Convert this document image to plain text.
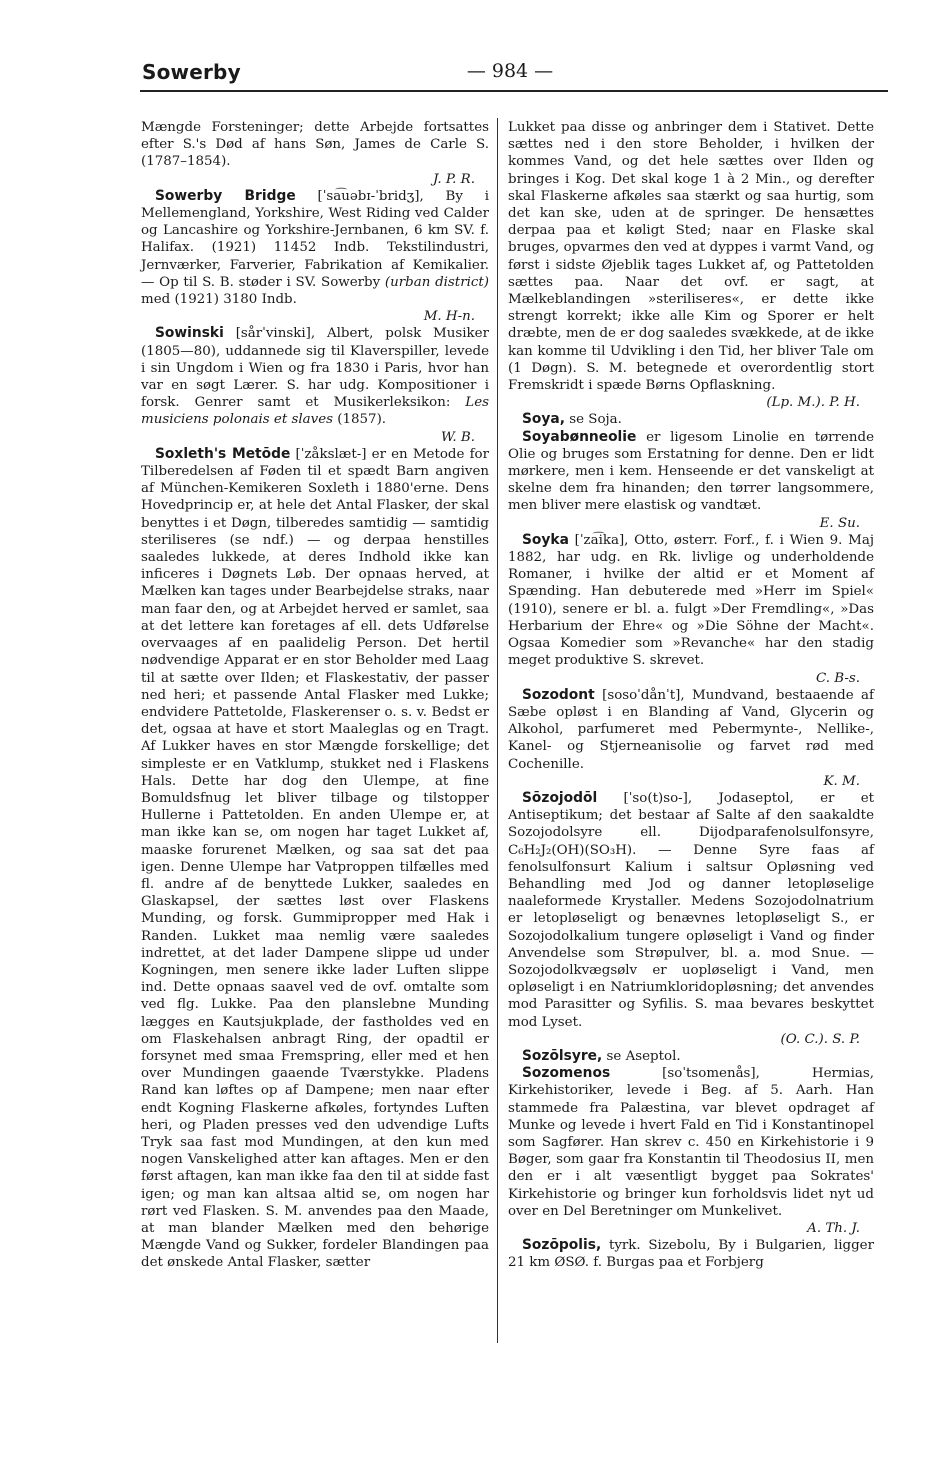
Sowerby	— 984 —

Mængde Forsteninger; dette Arbejde fortsattes efter S.'s Død af hans Søn, James de Carle S. (1787–1854).
J. P. R.

Sowerby Bridge [ˈsa͡uəbɪ-ˈbridʒ], By i Mellemengland, Yorkshire, West Riding ved Calder og Lancashire og Yorkshire-Jernbanen, 6 km SV. f. Halifax. (1921) 11452 Indb. Tekstilindustri, Jernværker, Farverier, Fabrikation af Kemikalier. — Op til S. B. støder i SV. Sowerby (urban district) med (1921) 3180 Indb.
M. H-n.

Sowinski [sårˈvinski], Albert, polsk Musiker (1805—80), uddannede sig til Klaverspiller, levede i sin Ungdom i Wien og fra 1830 i Paris, hvor han var en søgt Lærer. S. har udg. Kompositioner i forsk. Genrer samt et Musikerleksikon: Les musiciens polonais et slaves (1857).
W. B.

Soxleth's Metōde [ˈzåkslæt-] er en Metode for Tilberedelsen af Føden til et spædt Barn angiven af München-Kemikeren Soxleth i 1880'erne. Dens Hovedprincip er, at hele det Antal Flasker, der skal benyttes i et Døgn, tilberedes samtidig — samtidig steriliseres (se ndf.) — og derpaa henstilles saaledes lukkede, at deres Indhold ikke kan inficeres i Døgnets Løb. Der opnaas herved, at Mælken kan tages under Bearbejdelse straks, naar man faar den, og at Arbejdet herved er samlet, saa at det lettere kan foretages af ell. dets Udførelse overvaages af en paalidelig Person. Det hertil nødvendige Apparat er en stor Beholder med Laag til at sætte over Ilden; et Flaskestativ, der passer ned heri; et passende Antal Flasker med Lukke; endvidere Pattetolde, Flaskerenser o. s. v. Bedst er det, ogsaa at have et stort Maaleglas og en Tragt. Af Lukker haves en stor Mængde forskellige; det simpleste er en Vatklump, stukket ned i Flaskens Hals. Dette har dog den Ulempe, at fine Bomuldsfnug let bliver tilbage og tilstopper Hullerne i Pattetolden. En anden Ulempe er, at man ikke kan se, om nogen har taget Lukket af, maaske forurenet Mælken, og saa sat det paa igen. Denne Ulempe har Vatproppen tilfælles med fl. andre af de benyttede Lukker, saaledes en Glaskapsel, der sættes løst over Flaskens Munding, og forsk. Gummipropper med Hak i Randen. Lukket maa nemlig være saaledes indrettet, at det lader Dampene slippe ud under Kogningen, men senere ikke lader Luften slippe ind. Dette opnaas saavel ved de ovf. omtalte som ved flg. Lukke. Paa den planslebne Munding lægges en Kautsjukplade, der fastholdes ved en om Flaskehalsen anbragt Ring, der opadtil er forsynet med smaa Fremspring, eller med et hen over Mundingen gaaende Tværstykke. Pladens Rand kan løftes op af Dampene; men naar efter endt Kogning Flaskerne afkøles, fortyndes Luften heri, og Pladen presses ved den udvendige Lufts Tryk saa fast mod Mundingen, at den kun med nogen Vanskelighed atter kan aftages. Men er den først aftagen, kan man ikke faa den til at sidde fast igen; og man kan altsaa altid se, om nogen har rørt ved Flasken. S. M. anvendes paa den Maade, at man blander Mælken med den behørige Mængde Vand og Sukker, fordeler Blandingen paa det ønskede Antal Flasker, sætter

Lukket paa disse og anbringer dem i Stativet. Dette sættes ned i den store Beholder, i hvilken der kommes Vand, og det hele sættes over Ilden og bringes i Kog. Det skal koge 1 à 2 Min., og derefter skal Flaskerne afkøles saa stærkt og saa hurtig, som det kan ske, uden at de springer. De hensættes derpaa paa et køligt Sted; naar en Flaske skal bruges, opvarmes den ved at dyppes i varmt Vand, og først i sidste Øjeblik tages Lukket af, og Pattetolden sættes paa. Naar det ovf. er sagt, at Mælkeblandingen »steriliseres«, er dette ikke strengt korrekt; ikke alle Kim og Sporer er helt dræbte, men de er dog saaledes svækkede, at de ikke kan komme til Udvikling i den Tid, her bliver Tale om (1 Døgn). S. M. betegnede et overordentlig stort Fremskridt i spæde Børns Opflaskning.
(Lp. M.). P. H.

Soya, se Soja.

Soyabønneolie er ligesom Linolie en tørrende Olie og bruges som Erstatning for denne. Den er lidt mørkere, men i kem. Henseende er det vanskeligt at skelne dem fra hinanden; den tørrer langsommere, men bliver mere elastisk og vandtæt.
E. Su.

Soyka [ˈza͡ika], Otto, østerr. Forf., f. i Wien 9. Maj 1882, har udg. en Rk. livlige og underholdende Romaner, i hvilke der altid er et Moment af Spænding. Han debuterede med »Herr im Spiel« (1910), senere er bl. a. fulgt »Der Fremdling«, »Das Herbarium der Ehre« og »Die Söhne der Macht«. Ogsaa Komedier som »Revanche« har den stadig meget produktive S. skrevet.
C. B-s.

Sozodont [sosoˈdånˈt], Mundvand, bestaaende af Sæbe opløst i en Blanding af Vand, Glycerin og Alkohol, parfumeret med Pebermynte-, Nellike-, Kanel- og Stjerneanisolie og farvet rød med Cochenille.
K. M.

Sōzojodōl [ˈso(t)so-], Jodaseptol, er et Antiseptikum; det bestaar af Salte af den saakaldte Sozojodolsyre ell. Dijodparafenolsulfonsyre, C₆H₂J₂(OH)(SO₃H). — Denne Syre faas af fenolsulfonsurt Kalium i saltsur Opløsning ved Behandling med Jod og danner letopløselige naaleformede Krystaller. Medens Sozojodolnatrium er letopløseligt og benævnes letopløseligt S., er Sozojodolkalium tungere opløseligt i Vand og finder Anvendelse som Strøpulver, bl. a. mod Snue. — Sozojodolkvægsølv er uopløseligt i Vand, men opløseligt i en Natriumkloridopløsning; det anvendes mod Parasitter og Syfilis. S. maa bevares beskyttet mod Lyset.
(O. C.). S. P.

Sozōlsyre, se Aseptol.

Sozomenos	[soˈtsomenås], Hermias, Kirkehistoriker, levede i Beg. af 5. Aarh. Han stammede fra Palæstina, var blevet opdraget af Munke og levede i hvert Fald en Tid i Konstantinopel som Sagfører. Han skrev c. 450 en Kirkehistorie i 9 Bøger, som gaar fra Konstantin til Theodosius II, men den er i alt væsentligt bygget paa Sokrates' Kirkehistorie og bringer kun forholdsvis lidet nyt ud over en Del Beretninger om Munkelivet.
A. Th. J.

Sozōpolis, tyrk. Sizebolu, By i Bulgarien, ligger 21 km ØSØ. f. Burgas paa et Forbjerg
